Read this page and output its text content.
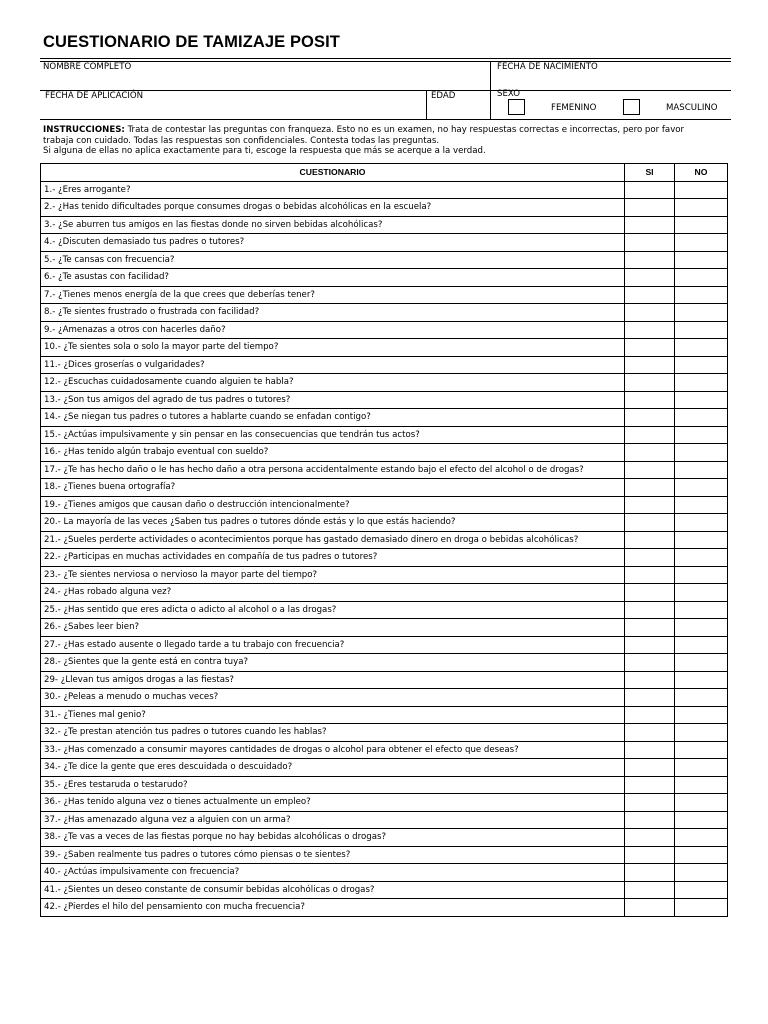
CUESTIONARIO DE TAMIZAJE POSIT
NOMBRE COMPLETO	FECHA DE NACIMIENTO
FECHA DE APLICACIÓN	EDAD	SEXO
FEMENINO	MASCULINO
INSTRUCCIONES: Trata de contestar las preguntas con franqueza. Esto no es un examen, no hay respuestas correctas e incorrectas, pero por favor
trabaja con cuidado. Todas las respuestas son confidenciales. Contesta todas las preguntas.
Si alguna de ellas no aplica exactamente para ti, escoge la respuesta que más se acerque a la verdad.
CUESTIONARIO	SI	NO
1.- ¿Eres arrogante?		
2.- ¿Has tenido dificultades porque consumes drogas o bebidas alcohólicas en la escuela?		
3.- ¿Se aburren tus amigos en las fiestas donde no sirven bebidas alcohólicas?		
4.- ¿Discuten demasiado tus padres o tutores?		
5.- ¿Te cansas con frecuencia?		
6.- ¿Te asustas con facilidad?		
7.- ¿Tienes menos energía de la que crees que deberías tener?		
8.- ¿Te sientes frustrado o frustrada con facilidad?		
9.- ¿Amenazas a otros con hacerles daño?		
10.- ¿Te sientes sola o solo la mayor parte del tiempo?		
11.- ¿Dices groserías o vulgaridades?		
12.- ¿Escuchas cuidadosamente cuando alguien te habla?		
13.- ¿Son tus amigos del agrado de tus padres o tutores?		
14.- ¿Se niegan tus padres o tutores a hablarte cuando se enfadan contigo?		
15.- ¿Actúas impulsivamente y sin pensar en las consecuencias que tendrán tus actos?		
16.- ¿Has tenido algún trabajo eventual con sueldo?		
17.- ¿Te has hecho daño o le has hecho daño a otra persona accidentalmente estando bajo el efecto del alcohol o de drogas?		
18.- ¿Tienes buena ortografía?		
19.- ¿Tienes amigos que causan daño o destrucción intencionalmente?		
20.- La mayoría de las veces ¿Saben tus padres o tutores dónde estás y lo que estás haciendo?		
21.- ¿Sueles perderte actividades o acontecimientos porque has gastado demasiado dinero en droga o bebidas alcohólicas?		
22.- ¿Participas en muchas actividades en compañía de tus padres o tutores?		
23.- ¿Te sientes nerviosa o nervioso la mayor parte del tiempo?		
24.- ¿Has robado alguna vez?		
25.- ¿Has sentido que eres adicta o adicto al alcohol o a las drogas?		
26.- ¿Sabes leer bien?		
27.- ¿Has estado ausente o llegado tarde a tu trabajo con frecuencia?		
28.- ¿Sientes que la gente está en contra tuya?		
29- ¿Llevan tus amigos drogas a las fiestas?		
30.- ¿Peleas a menudo o muchas veces?		
31.- ¿Tienes mal genio?		
32.- ¿Te prestan atención tus padres o tutores cuando les hablas?		
33.- ¿Has comenzado a consumir mayores cantidades de drogas o alcohol para obtener el efecto que deseas?		
34.- ¿Te dice la gente que eres descuidada o descuidado?		
35.- ¿Eres testaruda o testarudo?		
36.- ¿Has tenido alguna vez o tienes actualmente un empleo?		
37.- ¿Has amenazado alguna vez a alguien con un arma?		
38.- ¿Te vas a veces de las fiestas porque no hay bebidas alcohólicas o drogas?		
39.- ¿Saben realmente tus padres o tutores cómo piensas o te sientes?		
40.- ¿Actúas impulsivamente con frecuencia?		
41.- ¿Sientes un deseo constante de consumir bebidas alcohólicas o drogas?		
42.- ¿Pierdes el hilo del pensamiento con mucha frecuencia?		
